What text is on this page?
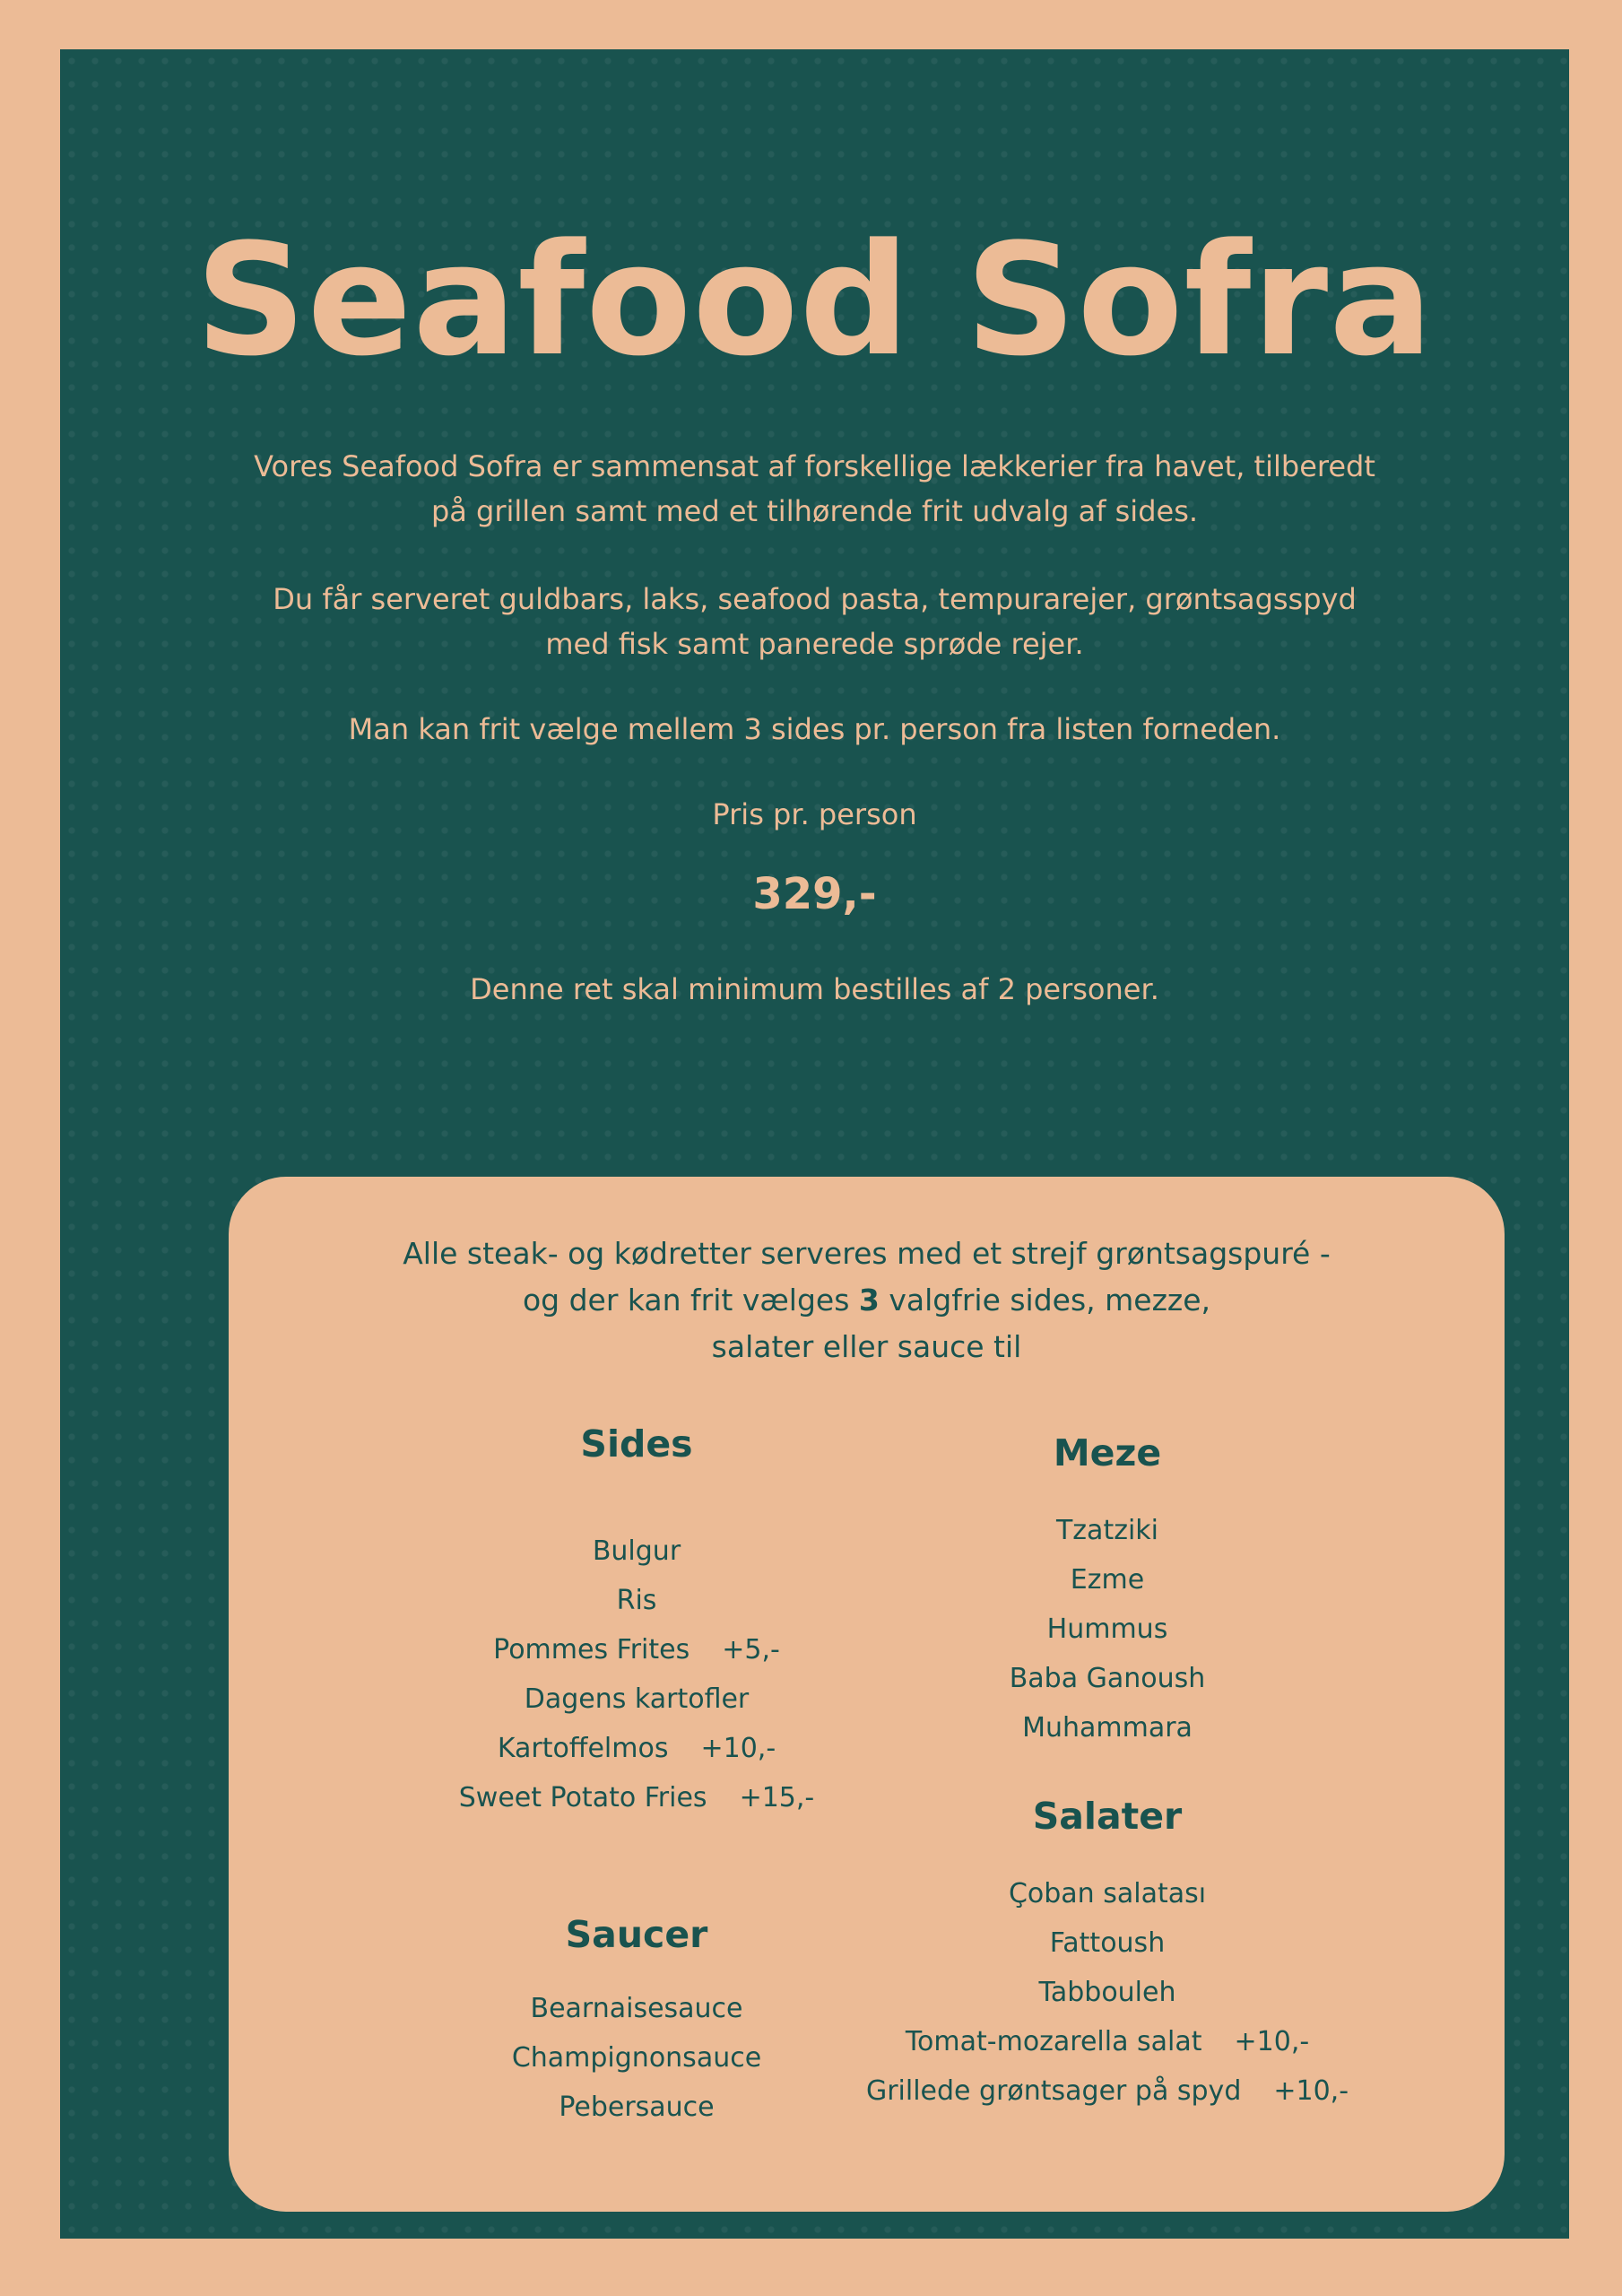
Seafood Sofra

Vores Seafood Sofra er sammensat af forskellige lækkerier fra havet, tilberedt på grillen samt med et tilhørende frit udvalg af sides.

Du får serveret guldbars, laks, seafood pasta, tempurarejer, grøntsagsspyd med fisk samt panerede sprøde rejer.

Man kan frit vælge mellem 3 sides pr. person fra listen forneden.

Pris pr. person

329,-

Denne ret skal minimum bestilles af 2 personer.

Alle steak- og kødretter serveres med et strejf grøntsagspuré -
og der kan frit vælges 3 valgfrie sides, mezze,
salater eller sauce til

Sides
Bulgur
Ris
Pommes Frites +5,-
Dagens kartofler
Kartoffelmos +10,-
Sweet Potato Fries +15,-
Saucer
Bearnaisesauce
Champignonsauce
Pebersauce
Meze
Tzatziki
Ezme
Hummus
Baba Ganoush
Muhammara
Salater
Çoban salatası
Fattoush
Tabbouleh
Tomat-mozarella salat +10,-
Grillede grøntsager på spyd +10,-
